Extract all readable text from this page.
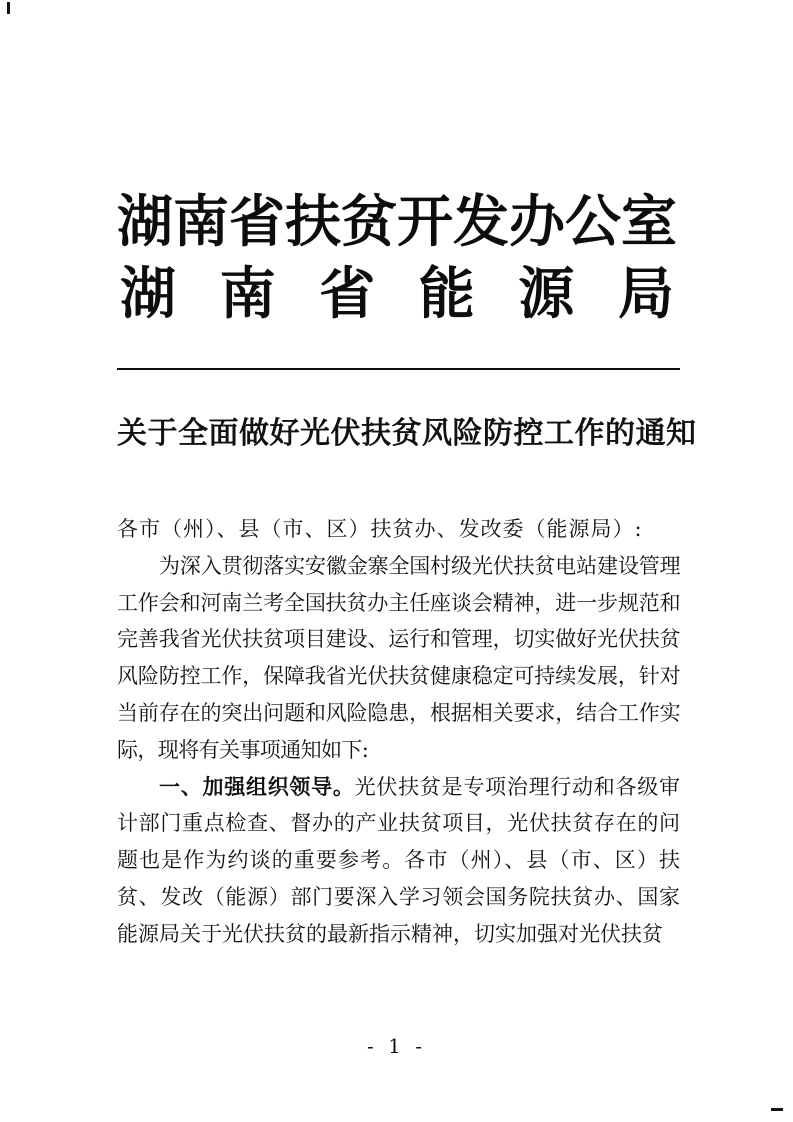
湖 南 省 扶 贫 开 发 办 公 室
湖 南 省 能 源 局
关于全面做好光伏扶贫风险防控工作的通知

各市（州）、县（市、区）扶贫办、发改委（能源局）:

为深入贯彻落实安徽金寨全国村级光伏扶贫电站建设管理工作会和河南兰考全国扶贫办主任座谈会精神，进一步规范和完善我省光伏扶贫项目建设、运行和管理，切实做好光伏扶贫风险防控工作，保障我省光伏扶贫健康稳定可持续发展，针对当前存在的突出问题和风险隐患，根据相关要求，结合工作实际，现将有关事项通知如下:

一、加强组织领导。光伏扶贫是专项治理行动和各级审计部门重点检查、督办的产业扶贫项目，光伏扶贫存在的问题也是作为约谈的重要参考。各市（州）、县（市、区）扶贫、发改（能源）部门要深入学习领会国务院扶贫办、国家能源局关于光伏扶贫的最新指示精神，切实加强对光伏扶贫

- 1 -
